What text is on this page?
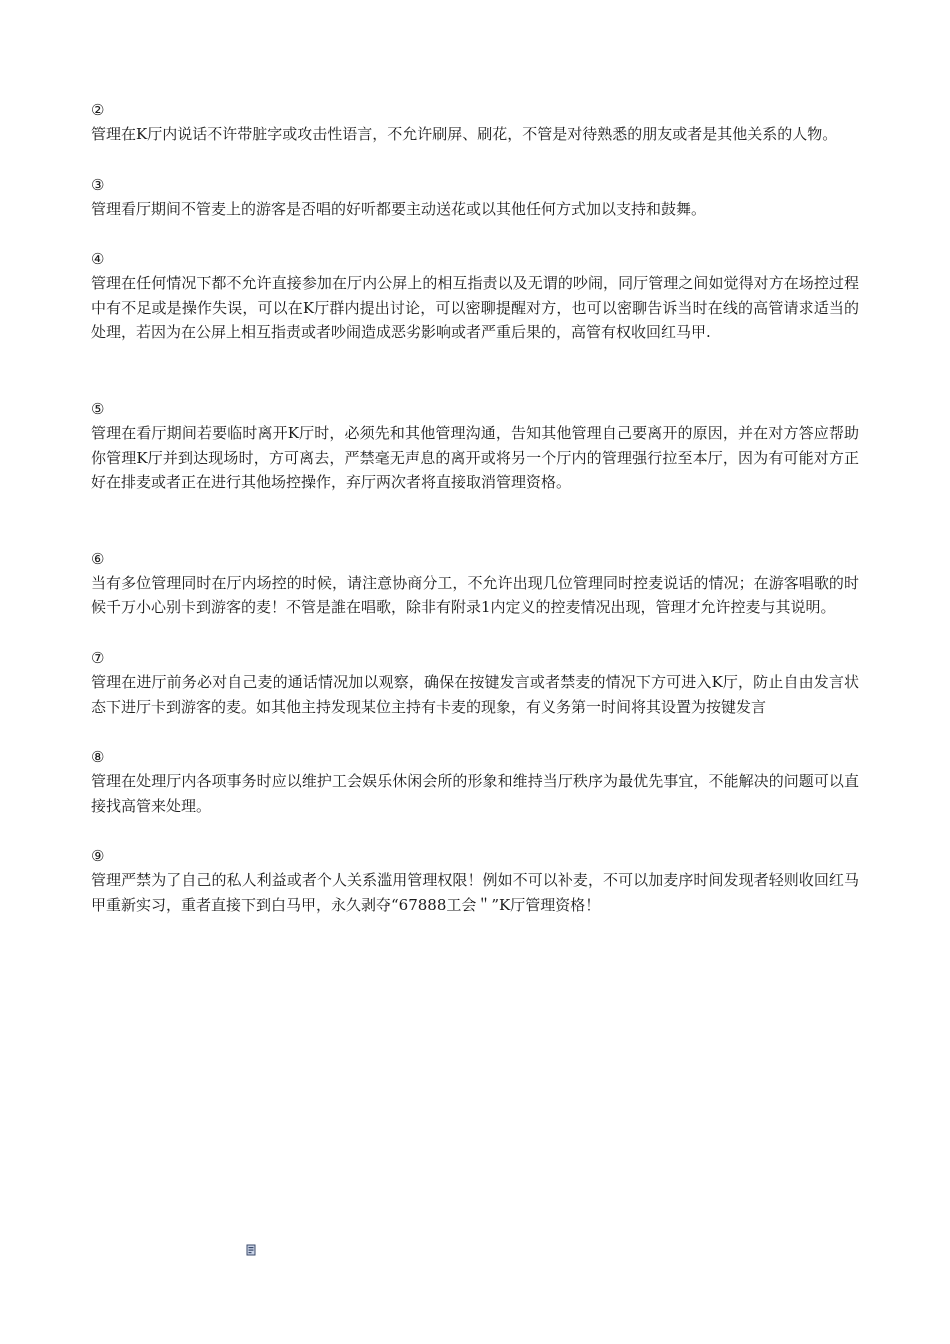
②

管理在K厅内说话不许带脏字或攻击性语言，不允许刷屏、刷花，不管是对待熟悉的朋友或者是其他关系的人物。

③

管理看厅期间不管麦上的游客是否唱的好听都要主动送花或以其他任何方式加以支持和鼓舞。

④

管理在任何情况下都不允许直接参加在厅内公屏上的相互指责以及无谓的吵闹，同厅管理之间如觉得对方在场控过程中有不足或是操作失误，可以在K厅群内提出讨论，可以密聊提醒对方，也可以密聊告诉当时在线的高管请求适当的处理，若因为在公屏上相互指责或者吵闹造成恶劣影响或者严重后果的，高管有权收回红马甲.

⑤

管理在看厅期间若要临时离开K厅时，必须先和其他管理沟通，告知其他管理自己要离开的原因，并在对方答应帮助你管理K厅并到达现场时，方可离去，严禁毫无声息的离开或将另一个厅内的管理强行拉至本厅，因为有可能对方正好在排麦或者正在进行其他场控操作，弃厅两次者将直接取消管理资格。

⑥

当有多位管理同时在厅内场控的时候，请注意协商分工，不允许出现几位管理同时控麦说话的情况；在游客唱歌的时候千万小心别卡到游客的麦！不管是誰在唱歌，除非有附录1内定义的控麦情况出现，管理才允许控麦与其说明。

⑦

管理在进厅前务必对自己麦的通话情况加以观察，确保在按键发言或者禁麦的情况下方可进入K厅，防止自由发言状态下进厅卡到游客的麦。如其他主持发现某位主持有卡麦的现象，有义务第一时间将其设置为按键发言

⑧

管理在处理厅内各项事务时应以维护工会娱乐休闲会所的形象和维持当厅秩序为最优先事宜，不能解决的问题可以直接找高管来处理。

⑨

管理严禁为了自己的私人利益或者个人关系滥用管理权限！例如不可以补麦，不可以加麦序时间发现者轻则收回红马甲重新实习，重者直接下到白马甲，永久剥夺“67888工会＂”K厅管理资格！
